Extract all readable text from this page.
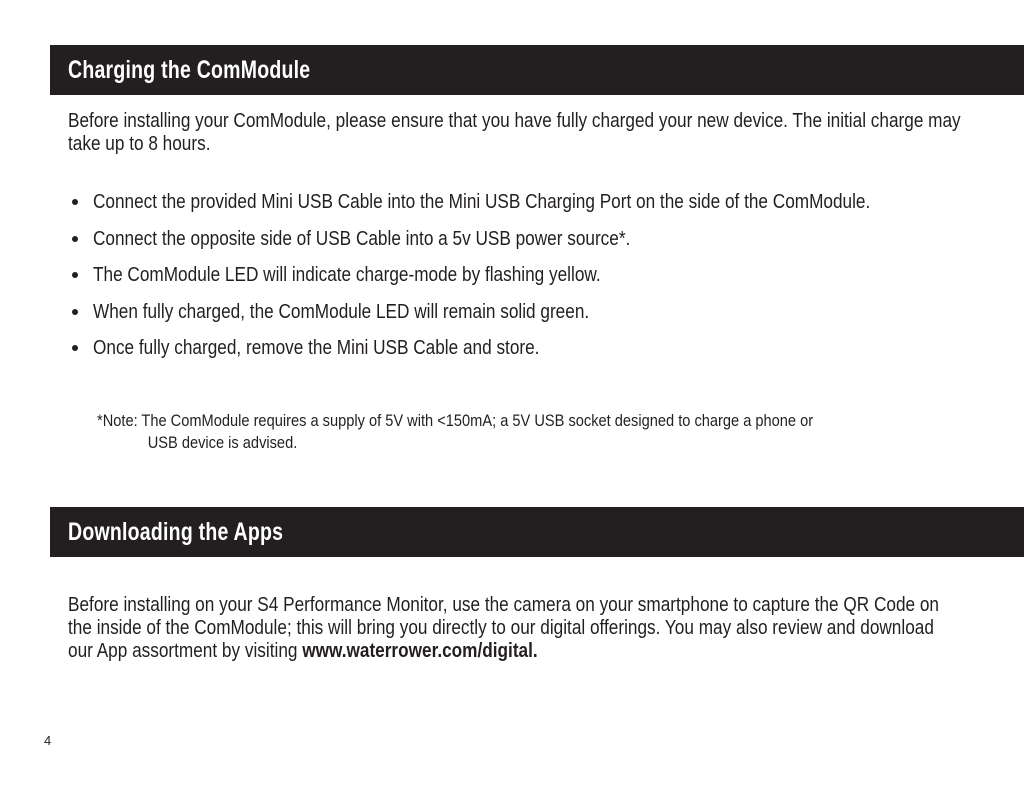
Charging the ComModule

Before installing your ComModule, please ensure that you have fully charged your new device. The initial charge may take up to 8 hours.

Connect the provided Mini USB Cable into the Mini USB Charging Port on the side of the ComModule.
Connect the opposite side of USB Cable into a 5v USB power source*.
The ComModule LED will indicate charge-mode by flashing yellow.
When fully charged, the ComModule LED will remain solid green.
Once fully charged, remove the Mini USB Cable and store.
*Note: The ComModule requires a supply of 5V with <150mA; a 5V USB socket designed to charge a phone or
USB device is advised.
Downloading the Apps

Before installing on your S4 Performance Monitor, use the camera on your smartphone to capture the QR Code on the inside of the ComModule; this will bring you directly to our digital offerings. You may also review and download our App assortment by visiting www.waterrower.com/digital.

4
